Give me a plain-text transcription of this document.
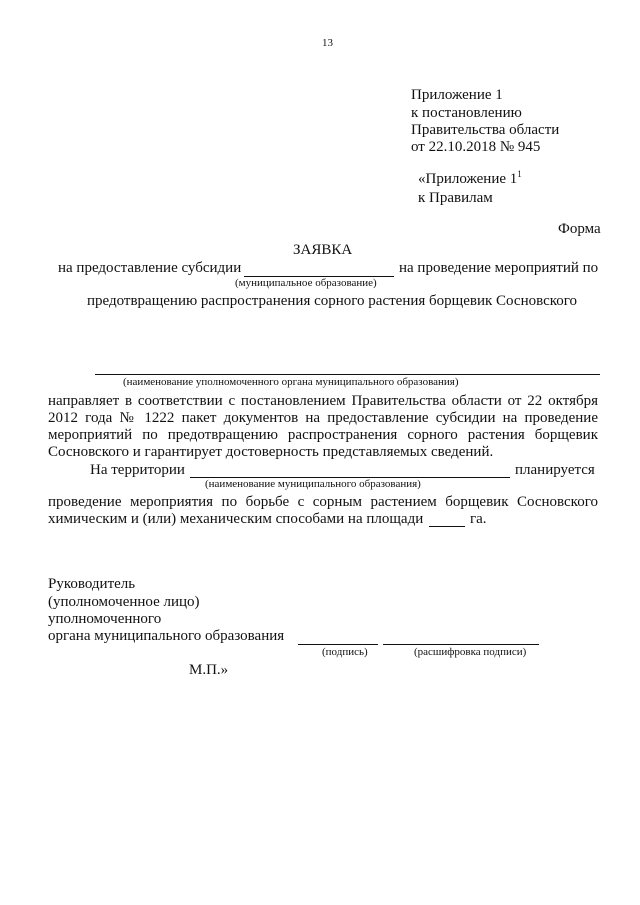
13
Приложение 1
к постановлению
Правительства области
от 22.10.2018 № 945
«Приложение $1^1$
к Правилам
Форма
ЗАЯВКА
на предоставление субсидии	на проведение мероприятий по
(муниципальное образование)
предотвращению распространения сорного растения борщевик Сосновского
(наименование уполномоченного органа муниципального образования)
направляет в соответствии с постановлением Правительства области от 22 октября
2012 года № 1222 пакет документов на предоставление субсидии на проведение
мероприятий по предотвращению распространения сорного растения борщевик
Сосновского и гарантирует достоверность представляемых сведений.
На территории	планируется
(наименование муниципального образования)
проведение мероприятия по борьбе с сорным растением борщевик Сосновского
химическим и (или) механическим способами на площади	га.
Руководитель
(уполномоченное лицо)
уполномоченного
органа муниципального образования
(подпись)	(расшифровка подписи)
М.П.»
